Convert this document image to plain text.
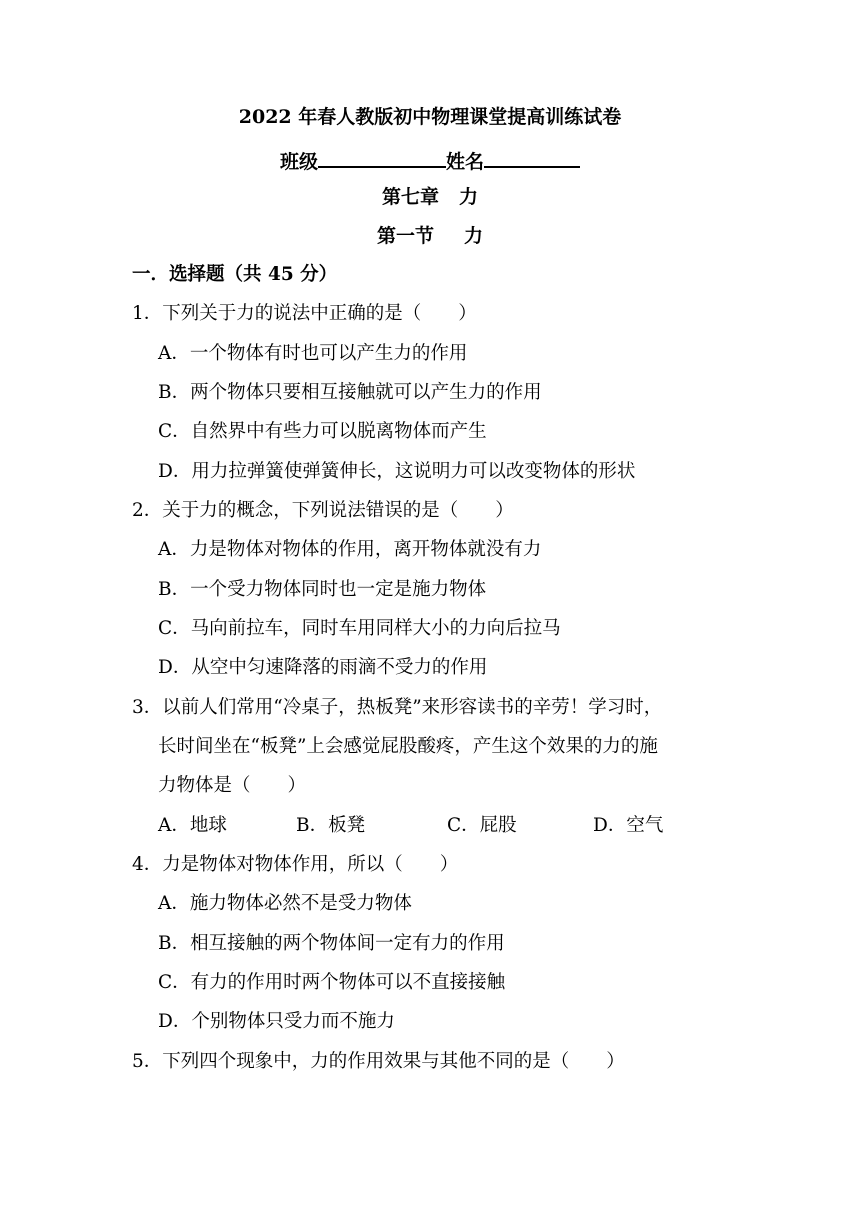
2022 年春人教版初中物理课堂提高训练试卷
班级	姓名
第七章 力
第一节 力
一．选择题（共 45 分）
1．下列关于力的说法中正确的是（　　）
A．一个物体有时也可以产生力的作用
B．两个物体只要相互接触就可以产生力的作用
C．自然界中有些力可以脱离物体而产生
D．用力拉弹簧使弹簧伸长，这说明力可以改变物体的形状
2．关于力的概念，下列说法错误的是（　　）
A．力是物体对物体的作用，离开物体就没有力
B．一个受力物体同时也一定是施力物体
C．马向前拉车，同时车用同样大小的力向后拉马
D．从空中匀速降落的雨滴不受力的作用
3．以前人们常用“冷桌子，热板凳”来形容读书的辛劳！学习时，
长时间坐在“板凳”上会感觉屁股酸疼，产生这个效果的力的施
力物体是（　　）
A．地球	B．板凳	C．屁股	D．空气
4．力是物体对物体作用，所以（　　）
A．施力物体必然不是受力物体
B．相互接触的两个物体间一定有力的作用
C．有力的作用时两个物体可以不直接接触
D．个别物体只受力而不施力
5．下列四个现象中，力的作用效果与其他不同的是（　　）
